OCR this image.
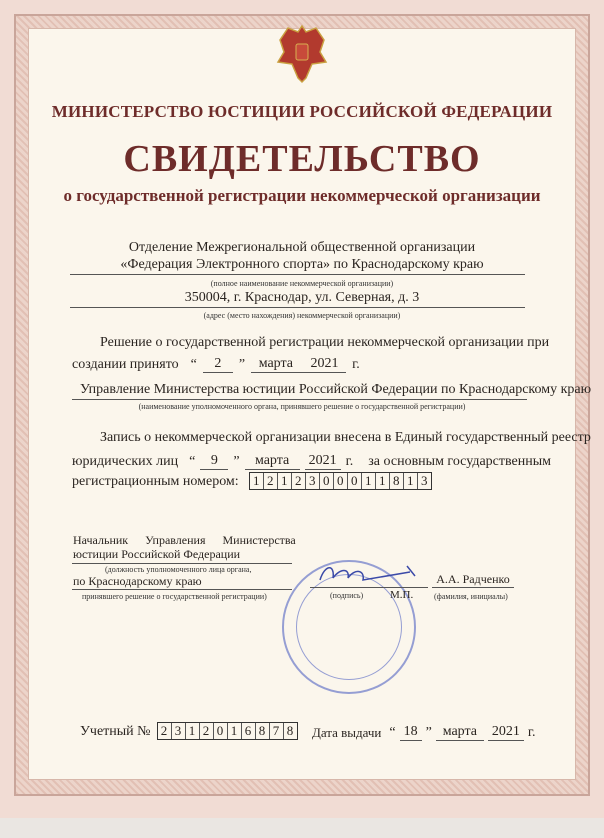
МИНИСТЕРСТВО ЮСТИЦИИ РОССИЙСКОЙ ФЕДЕРАЦИИ
СВИДЕТЕЛЬСТВО
о государственной регистрации некоммерческой организации
Отделение Межрегиональной общественной организации
«Федерация Электронного спорта» по Краснодарскому краю
(полное наименование некоммерческой организации)
350004, г. Краснодар, ул. Северная, д. 3
(адрес (место нахождения) некоммерческой организации)
Решение о государственной регистрации некоммерческой организации при
создании принято “	2	” марта 2021 г.
Управление Министерства юстиции Российской Федерации по Краснодарскому краю
(наименование уполномоченного органа, принявшего решение о государственной регистрации)
Запись о некоммерческой организации внесена в Единый государственный реестр
юридических лиц “	9	”	марта	2021 г. за основным государственным
регистрационным номером: 1 2 1 2 3 0 0 0 1 1 8 1 3
Начальник Управления Министерства
юстиции Российской Федерации
(должность уполномоченного лица органа,
по Краснодарскому краю
принявшего решение о государственной регистрации)	(подпись) М.П.
А.А. Радченко
(фамилия, инициалы)
Учетный № 2 3 1 2 0 1 6 8 7 8 Дата выдачи “ 18 ” марта	2021 г.
